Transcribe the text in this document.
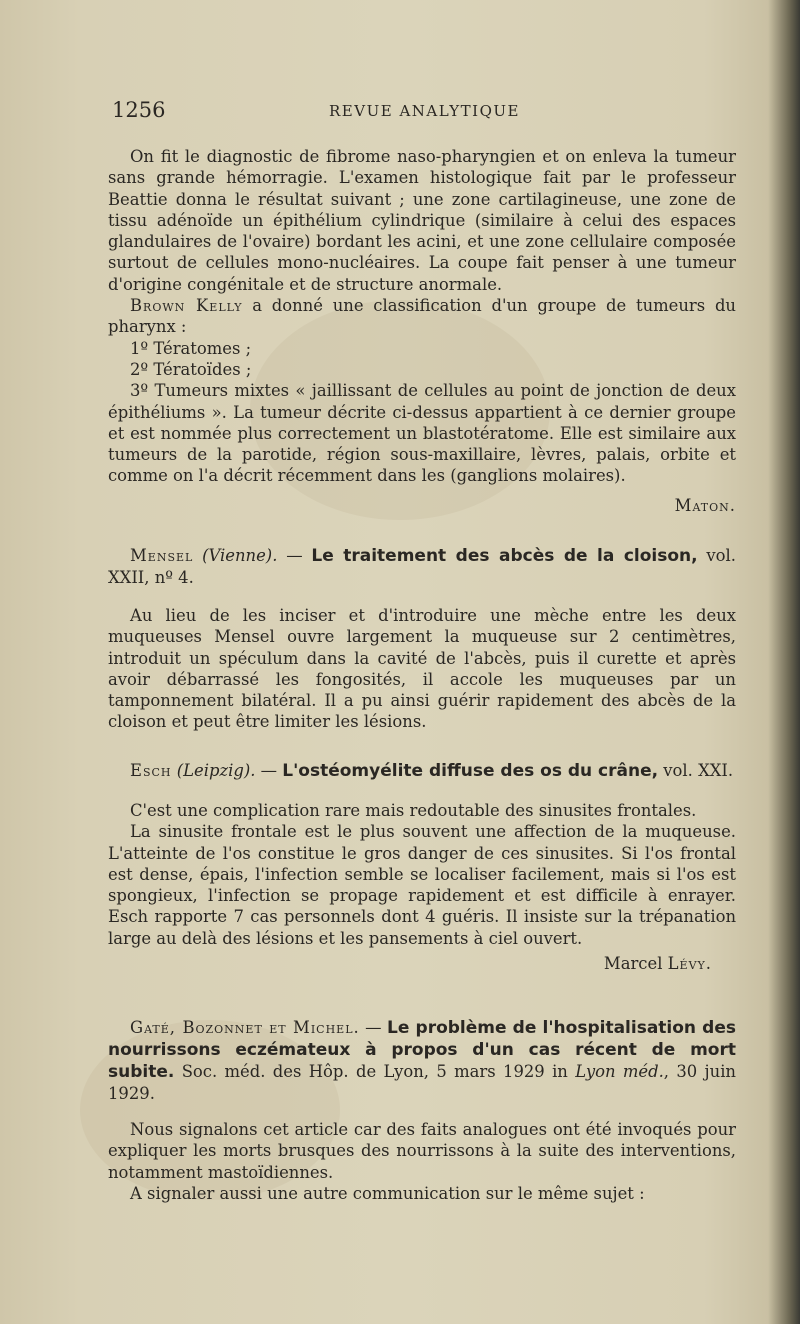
1256	REVUE ANALYTIQUE

On fit le diagnostic de fibrome naso-pharyngien et on enleva la tumeur sans grande hémorragie. L'examen histologique fait par le professeur Beattie donna le résultat suivant ; une zone cartilagineuse, une zone de tissu adénoïde un épithélium cylindrique (similaire à celui des espaces glandulaires de l'ovaire) bordant les acini, et une zone cellulaire composée surtout de cellules mono-nucléaires. La coupe fait penser à une tumeur d'origine congénitale et de structure anormale.

Brown Kelly a donné une classification d'un groupe de tumeurs du pharynx :

1º Tératomes ;

2º Tératoïdes ;

3º Tumeurs mixtes « jaillissant de cellules au point de jonction de deux épithéliums ». La tumeur décrite ci-dessus appartient à ce dernier groupe et est nommée plus correctement un blastotératome. Elle est similaire aux tumeurs de la parotide, région sous-maxillaire, lèvres, palais, orbite et comme on l'a décrit récemment dans les (ganglions molaires).

Maton.

Mensel (Vienne). — Le traitement des abcès de la cloison, vol. XXII, nº 4.

Au lieu de les inciser et d'introduire une mèche entre les deux muqueuses Mensel ouvre largement la muqueuse sur 2 centimètres, introduit un spéculum dans la cavité de l'abcès, puis il curette et après avoir débarrassé les fongosités, il accole les muqueuses par un tamponnement bilatéral. Il a pu ainsi guérir rapidement des abcès de la cloison et peut être limiter les lésions.

Esch (Leipzig). — L'ostéomyélite diffuse des os du crâne, vol. XXI.

C'est une complication rare mais redoutable des sinusites frontales.

La sinusite frontale est le plus souvent une affection de la muqueuse. L'atteinte de l'os constitue le gros danger de ces sinusites. Si l'os frontal est dense, épais, l'infection semble se localiser facilement, mais si l'os est spongieux, l'infection se propage rapidement et est difficile à enrayer. Esch rapporte 7 cas personnels dont 4 guéris. Il insiste sur la trépanation large au delà des lésions et les pansements à ciel ouvert.

Marcel Lévy.

Gaté, Bozonnet et Michel. — Le problème de l'hospitalisation des nourrissons eczémateux à propos d'un cas récent de mort subite. Soc. méd. des Hôp. de Lyon, 5 mars 1929 in Lyon méd., 30 juin 1929.

Nous signalons cet article car des faits analogues ont été invoqués pour expliquer les morts brusques des nourrissons à la suite des interventions, notamment mastoïdiennes.

A signaler aussi une autre communication sur le même sujet :
